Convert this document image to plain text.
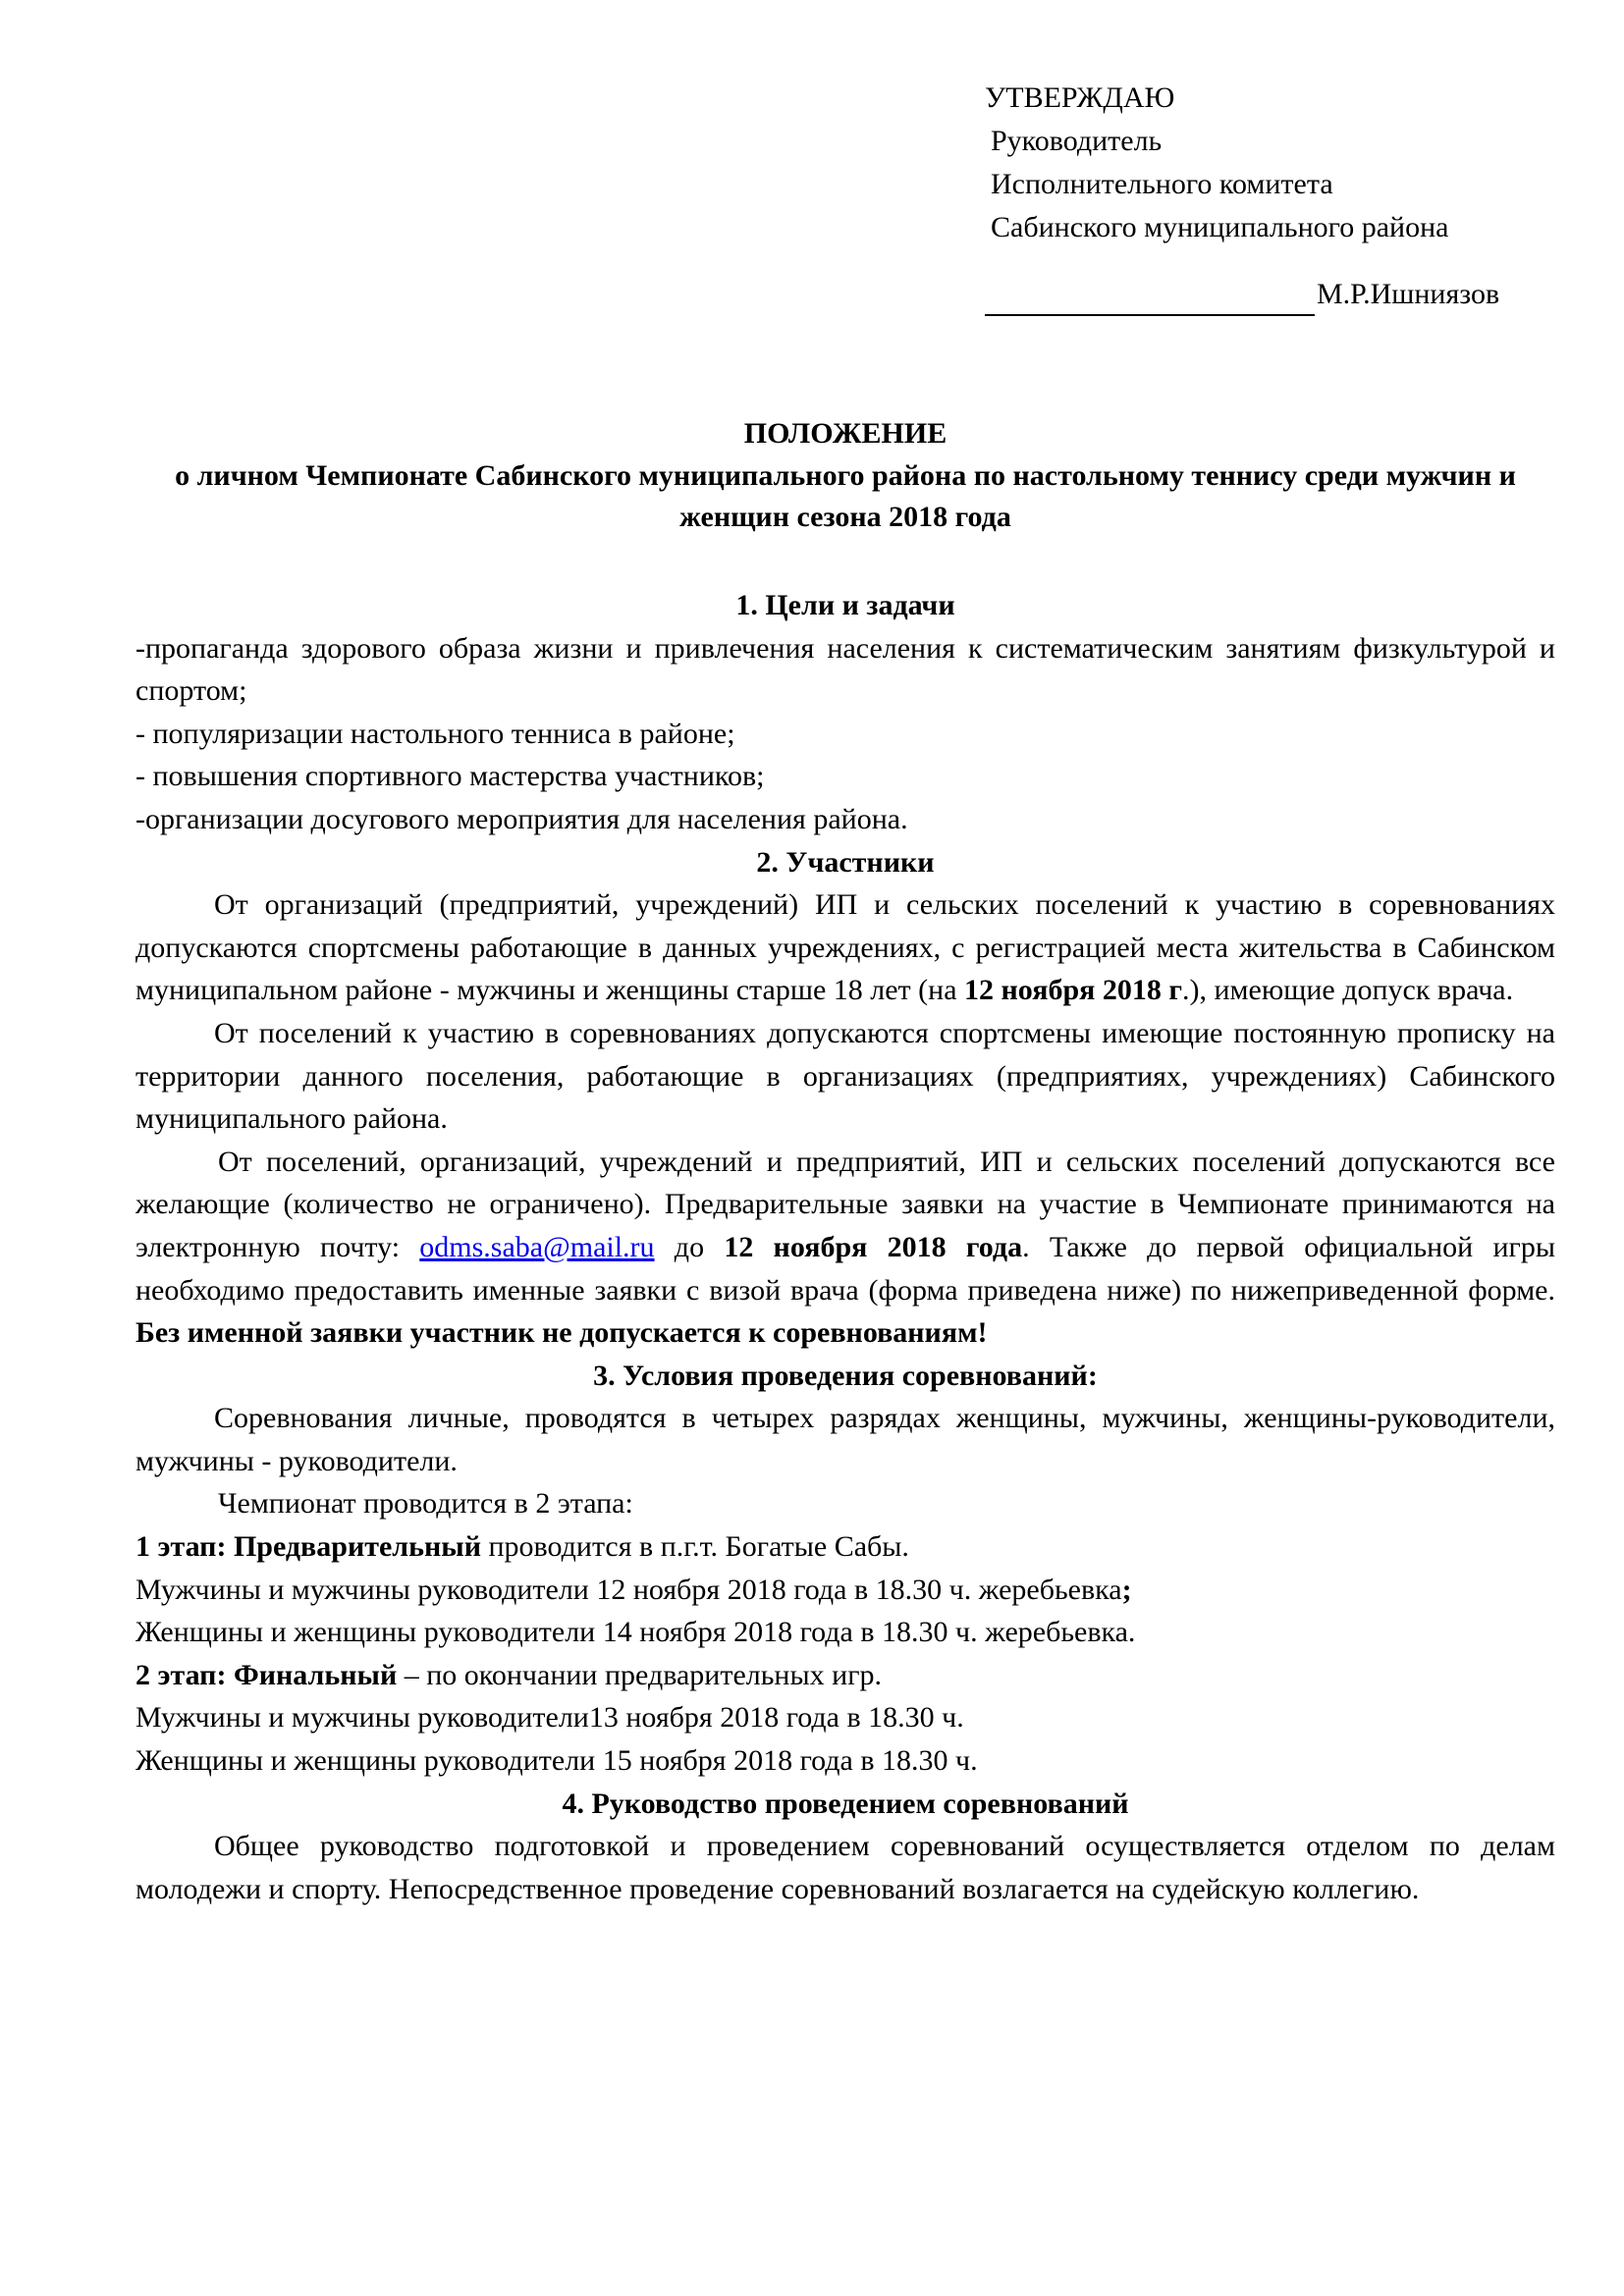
УТВЕРЖДАЮ
Руководитель
Исполнительного комитета
Сабинского муниципального района
М.Р.Ишниязов
ПОЛОЖЕНИЕ
о личном Чемпионате Сабинского муниципального района по настольному теннису среди мужчин и женщин сезона 2018 года

1. Цели и задачи

-пропаганда здорового образа жизни и привлечения населения к систематическим занятиям физкультурой и спортом;

- популяризации настольного тенниса в районе;

- повышения спортивного мастерства участников;

-организации досугового мероприятия для населения района.

2. Участники

От организаций (предприятий, учреждений) ИП и сельских поселений к участию в соревнованиях допускаются спортсмены работающие в данных учреждениях, с регистрацией места жительства в Сабинском муниципальном районе - мужчины и женщины старше 18 лет (на 12 ноября 2018 г.), имеющие допуск врача.

От поселений к участию в соревнованиях допускаются спортсмены имеющие постоянную прописку на территории данного поселения, работающие в организациях (предприятиях, учреждениях) Сабинского муниципального района.

От поселений, организаций, учреждений и предприятий, ИП и сельских поселений допускаются все желающие (количество не ограничено). Предварительные заявки на участие в Чемпионате принимаются на электронную почту: odms.saba@mail.ru до 12 ноября 2018 года. Также до первой официальной игры необходимо предоставить именные заявки с визой врача (форма приведена ниже) по нижеприведенной форме. Без именной заявки участник не допускается к соревнованиям!

3. Условия проведения соревнований:

Соревнования личные, проводятся в четырех разрядах женщины, мужчины, женщины-руководители, мужчины - руководители.

Чемпионат проводится в 2 этапа:

1 этап: Предварительный проводится в п.г.т. Богатые Сабы.

Мужчины и мужчины руководители 12 ноября 2018 года в 18.30 ч. жеребьевка;

Женщины и женщины руководители 14 ноября 2018 года в 18.30 ч. жеребьевка.

2 этап: Финальный – по окончании предварительных игр.

Мужчины и мужчины руководители13 ноября 2018 года в 18.30 ч.

Женщины и женщины руководители 15 ноября 2018 года в 18.30 ч.

4. Руководство проведением соревнований

Общее руководство подготовкой и проведением соревнований осуществляется отделом по делам молодежи и спорту. Непосредственное проведение соревнований возлагается на судейскую коллегию.
